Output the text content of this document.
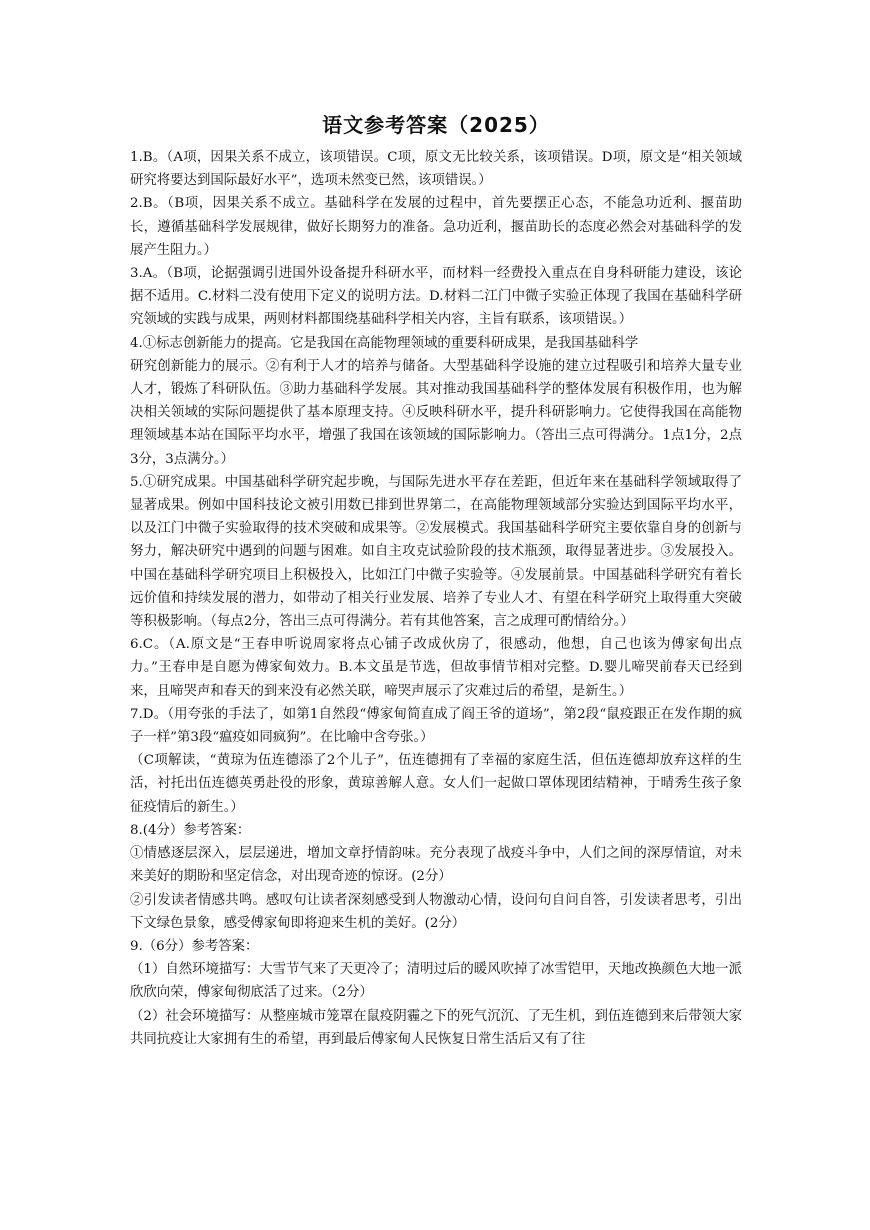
语文参考答案（2025）

1.B。（A项，因果关系不成立，该项错误。C项，原文无比较关系，该项错误。D项，原文是“相关领域研究将要达到国际最好水平”，选项未然变已然，该项错误。）

2.B。（B项，因果关系不成立。基础科学在发展的过程中，首先要摆正心态，不能急功近利、揠苗助长，遵循基础科学发展规律，做好长期努力的准备。急功近利，揠苗助长的态度必然会对基础科学的发展产生阻力。）

3.A。（B项，论据强调引进国外设备提升科研水平，而材料一经费投入重点在自身科研能力建设，该论据不适用。C.材料二没有使用下定义的说明方法。D.材料二江门中微子实验正体现了我国在基础科学研究领域的实践与成果，两则材料都围绕基础科学相关内容，主旨有联系，该项错误。）

4.①标志创新能力的提高。它是我国在高能物理领域的重要科研成果，是我国基础科学

研究创新能力的展示。②有利于人才的培养与储备。大型基础科学设施的建立过程吸引和培养大量专业人才，锻炼了科研队伍。③助力基础科学发展。其对推动我国基础科学的整体发展有积极作用，也为解决相关领域的实际问题提供了基本原理支持。④反映科研水平，提升科研影响力。它使得我国在高能物理领域基本站在国际平均水平，增强了我国在该领域的国际影响力。（答出三点可得满分。1点1分，2点3分，3点满分。）

5.①研究成果。中国基础科学研究起步晚，与国际先进水平存在差距，但近年来在基础科学领域取得了显著成果。例如中国科技论文被引用数已排到世界第二，在高能物理领域部分实验达到国际平均水平，以及江门中微子实验取得的技术突破和成果等。②发展模式。我国基础科学研究主要依靠自身的创新与努力，解决研究中遇到的问题与困难。如自主攻克试验阶段的技术瓶颈，取得显著进步。③发展投入。中国在基础科学研究项目上积极投入，比如江门中微子实验等。④发展前景。中国基础科学研究有着长远价值和持续发展的潜力，如带动了相关行业发展、培养了专业人才、有望在科学研究上取得重大突破等积极影响。（每点2分，答出三点可得满分。若有其他答案，言之成理可酌情给分。）

6.C。（A.原文是“王春申听说周家将点心铺子改成伙房了，很感动，他想，自己也该为傅家甸出点力。”王春申是自愿为傅家甸效力。B.本文虽是节选，但故事情节相对完整。D.婴儿啼哭前春天已经到来，且啼哭声和春天的到来没有必然关联，啼哭声展示了灾难过后的希望，是新生。）

7.D。（用夸张的手法了，如第1自然段“傅家甸简直成了阎王爷的道场”，第2段“鼠疫跟正在发作期的疯子一样”第3段“瘟疫如同疯狗”。在比喻中含夸张。）

（C项解读，“黄琼为伍连德添了2个儿子”，伍连德拥有了幸福的家庭生活，但伍连德却放弃这样的生活，衬托出伍连德英勇赴役的形象，黄琼善解人意。女人们一起做口罩体现团结精神，于晴秀生孩子象征疫情后的新生。）

8.(4分）参考答案：

①情感逐层深入，层层递进，增加文章抒情韵味。充分表现了战疫斗争中，人们之间的深厚情谊，对未来美好的期盼和坚定信念，对出现奇迹的惊讶。(2分）

②引发读者情感共鸣。感叹句让读者深刻感受到人物激动心情，设问句自问自答，引发读者思考，引出下文绿色景象，感受傅家甸即将迎来生机的美好。(2分）

9.（6分）参考答案：

（1）自然环境描写：大雪节气来了天更冷了；清明过后的暖风吹掉了冰雪铠甲，天地改换颜色大地一派欣欣向荣，傅家甸彻底活了过来。（2分）

（2）社会环境描写：从整座城市笼罩在鼠疫阴霾之下的死气沉沉、了无生机，到伍连德到来后带领大家共同抗疫让大家拥有生的希望，再到最后傅家甸人民恢复日常生活后又有了往
